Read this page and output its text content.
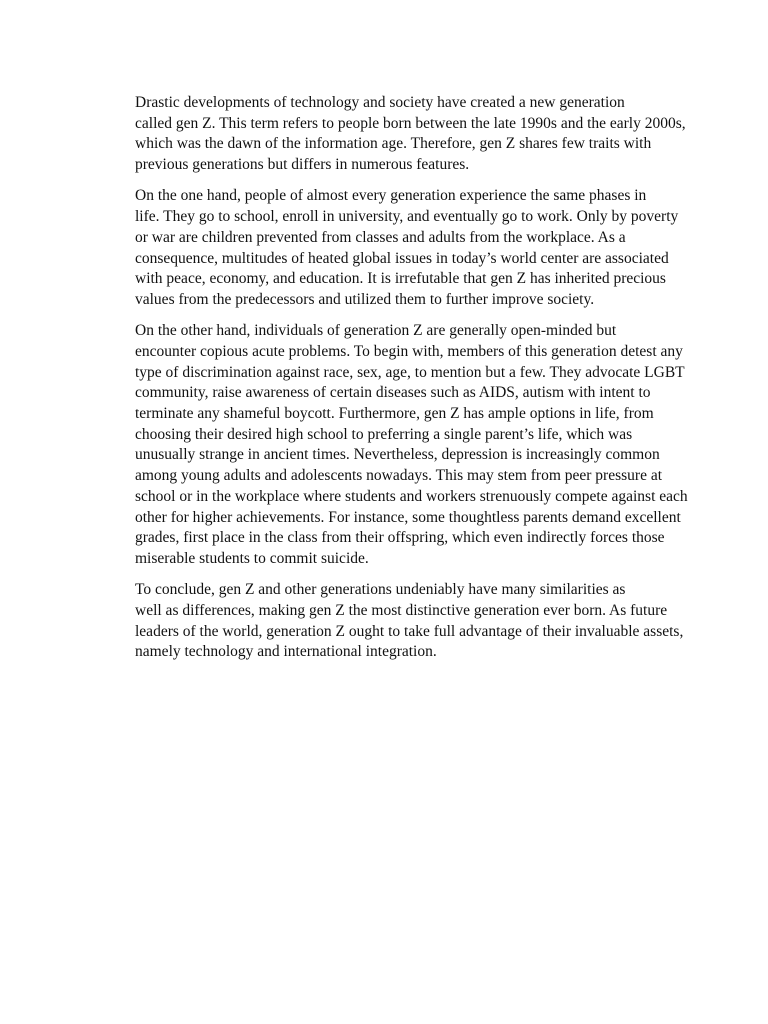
Drastic developments of technology and society have created a new generation
called gen Z. This term refers to people born between the late 1990s and the early 2000s,
which was the dawn of the information age. Therefore, gen Z shares few traits with
previous generations but differs in numerous features.

On the one hand, people of almost every generation experience the same phases in
life. They go to school, enroll in university, and eventually go to work. Only by poverty
or war are children prevented from classes and adults from the workplace. As a
consequence, multitudes of heated global issues in today’s world center are associated
with peace, economy, and education. It is irrefutable that gen Z has inherited precious
values from the predecessors and utilized them to further improve society.

On the other hand, individuals of generation Z are generally open-minded but
encounter copious acute problems. To begin with, members of this generation detest any
type of discrimination against race, sex, age, to mention but a few. They advocate LGBT
community, raise awareness of certain diseases such as AIDS, autism with intent to
terminate any shameful boycott. Furthermore, gen Z has ample options in life, from
choosing their desired high school to preferring a single parent’s life, which was
unusually strange in ancient times. Nevertheless, depression is increasingly common
among young adults and adolescents nowadays. This may stem from peer pressure at
school or in the workplace where students and workers strenuously compete against each
other for higher achievements. For instance, some thoughtless parents demand excellent
grades, first place in the class from their offspring, which even indirectly forces those
miserable students to commit suicide.

To conclude, gen Z and other generations undeniably have many similarities as
well as differences, making gen Z the most distinctive generation ever born. As future
leaders of the world, generation Z ought to take full advantage of their invaluable assets,
namely technology and international integration.
